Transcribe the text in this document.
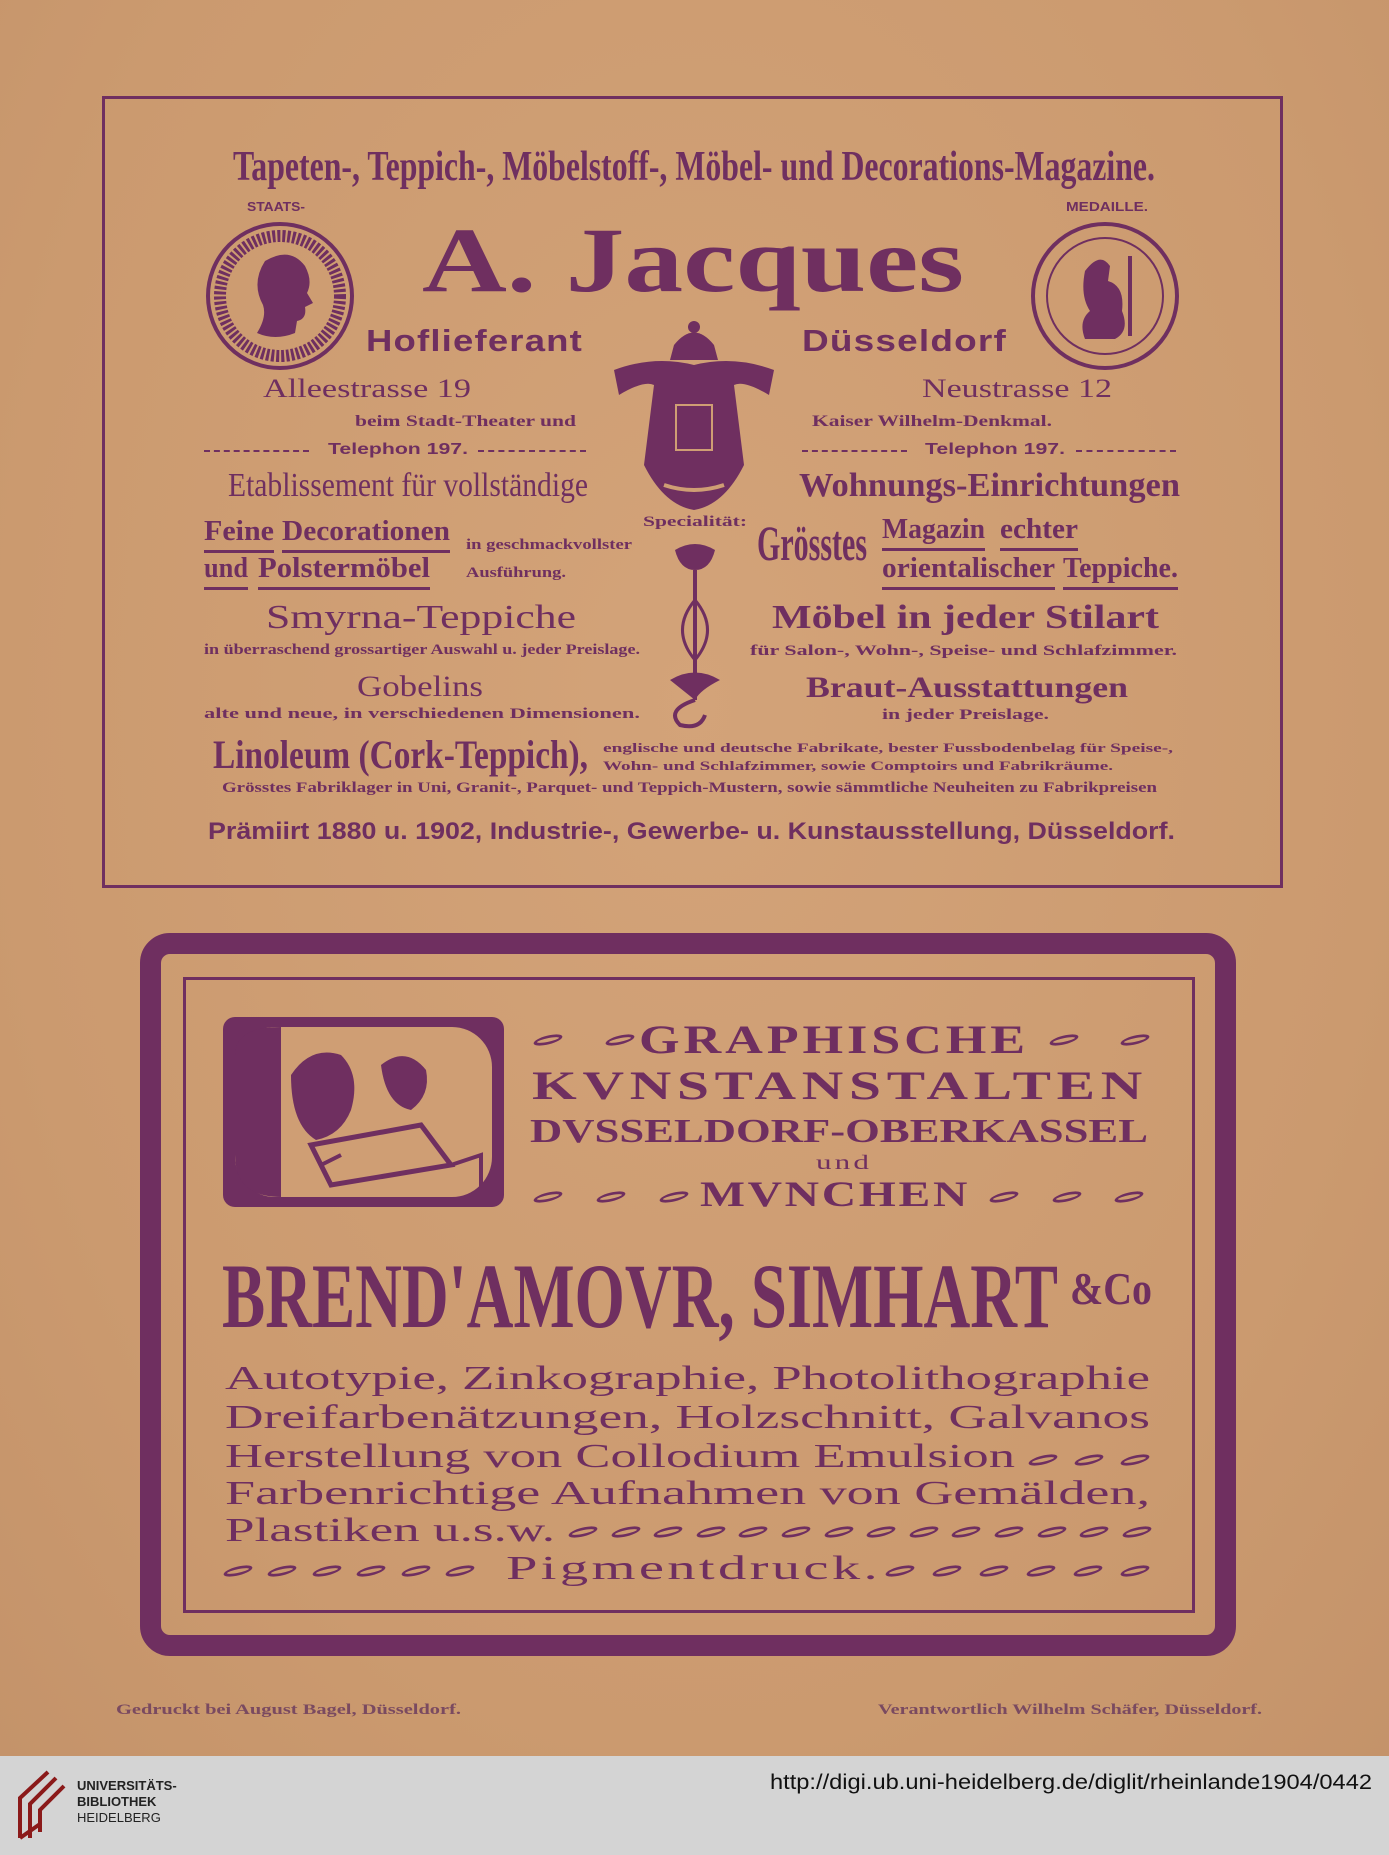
Tapeten-, Teppich-, Möbelstoff-, Möbel- und Decorations-Magazine.
STAATS-	MEDAILLE.
A. Jacques
Hoflieferant	Düsseldorf
Alleestrasse 19	Neustrasse 12
beim Stadt-Theater und	Kaiser Wilhelm-Denkmal.
Telephon 197.	Telephon 197.
Etablissement für vollständige	Wohnungs-Einrichtungen
Feine Decorationen
und Polstermöbel
in geschmackvollster
Ausführung.
Specialität: Grösstes Magazin echter
orientalischer Teppiche.
Smyrna-Teppiche
in überraschend grossartiger Auswahl u. jeder Preislage.
Möbel in jeder Stilart
für Salon-, Wohn-, Speise- und Schlafzimmer.
Gobelins
alte und neue, in verschiedenen Dimensionen.
Braut-Ausstattungen
in jeder Preislage.
Linoleum (Cork-Teppich),	englische und deutsche Fabrikate, bester Fussbodenbelag für Speise-,
Wohn- und Schlafzimmer, sowie Comptoirs und Fabrikräume.
Grösstes Fabriklager in Uni, Granit-, Parquet- und Teppich-Mustern, sowie sämmtliche Neuheiten zu Fabrikpreisen
Prämiirt 1880 u. 1902, Industrie-, Gewerbe- u. Kunstausstellung, Düsseldorf.
GRAPHISCHE
KVNSTANSTALTEN
DVSSELDORF-OBERKASSEL
und
MVNCHEN
BREND'AMOVR, SIMHART &Co
Autotypie, Zinkographie, Photolithographie
Dreifarbenätzungen, Holzschnitt, Galvanos
Herstellung von Collodium Emulsion
Farbenrichtige Aufnahmen von Gemälden,
Plastiken u.s.w.
Pigmentdruck.
Gedruckt bei August Bagel, Düsseldorf.	Verantwortlich Wilhelm Schäfer, Düsseldorf.
UNIVERSITÄTS-
BIBLIOTHEK
HEIDELBERG
http://digi.ub.uni-heidelberg.de/diglit/rheinlande1904/0442
